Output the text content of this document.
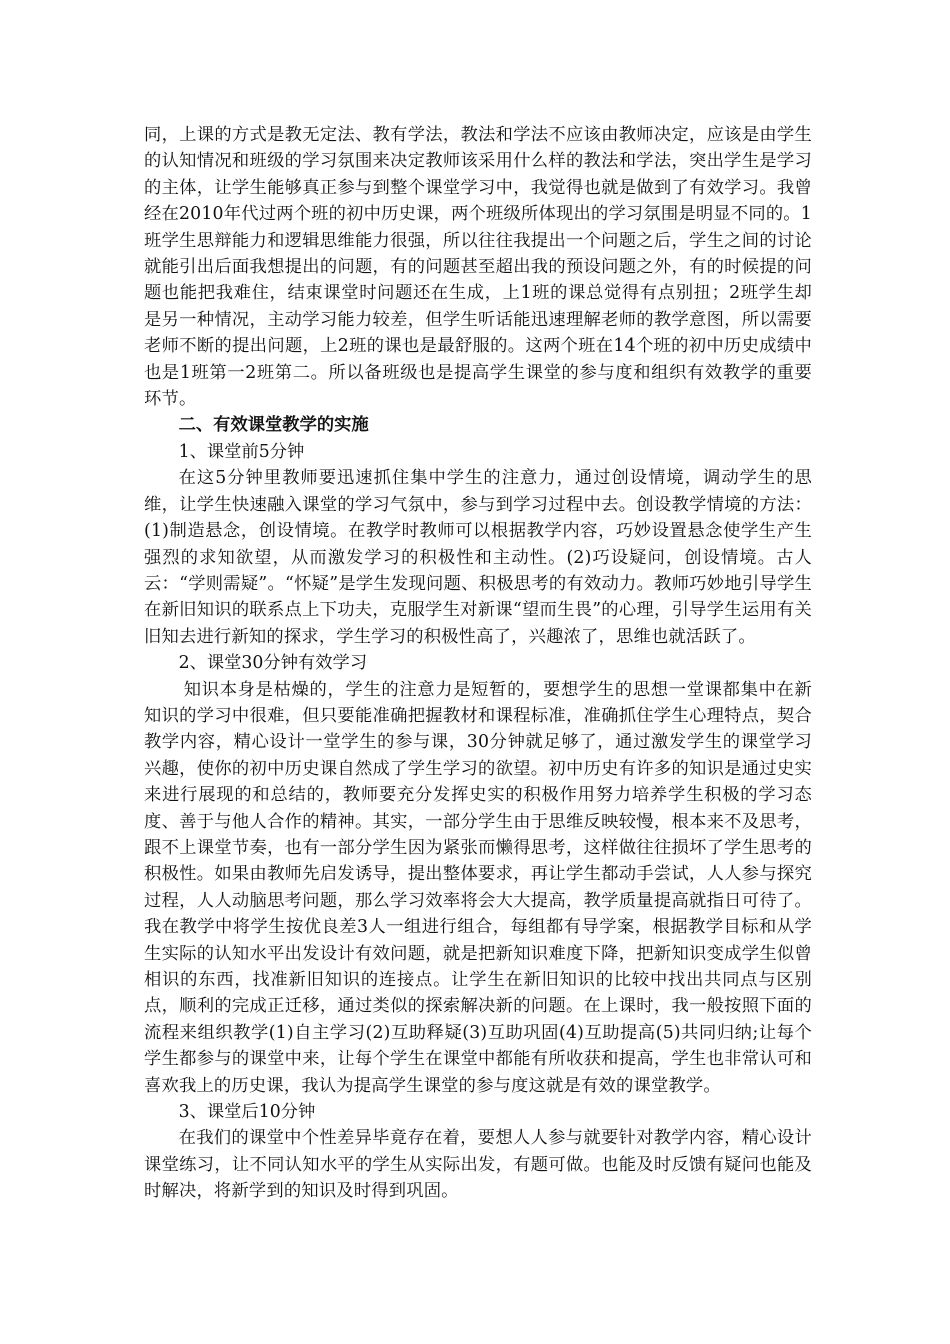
同，上课的方式是教无定法、教有学法，教法和学法不应该由教师决定，应该是由学生的认知情况和班级的学习氛围来决定教师该采用什么样的教法和学法，突出学生是学习的主体，让学生能够真正参与到整个课堂学习中，我觉得也就是做到了有效学习。我曾经在2010年代过两个班的初中历史课，两个班级所体现出的学习氛围是明显不同的。1班学生思辩能力和逻辑思维能力很强，所以往往我提出一个问题之后，学生之间的讨论就能引出后面我想提出的问题，有的问题甚至超出我的预设问题之外，有的时候提的问题也能把我难住，结束课堂时问题还在生成，上1班的课总觉得有点别扭；2班学生却是另一种情况，主动学习能力较差，但学生听话能迅速理解老师的教学意图，所以需要老师不断的提出问题，上2班的课也是最舒服的。这两个班在14个班的初中历史成绩中也是1班第一2班第二。所以备班级也是提高学生课堂的参与度和组织有效教学的重要环节。

二、有效课堂教学的实施

1、课堂前5分钟

在这5分钟里教师要迅速抓住集中学生的注意力，通过创设情境，调动学生的思维，让学生快速融入课堂的学习气氛中，参与到学习过程中去。创设教学情境的方法：(1)制造悬念，创设情境。在教学时教师可以根据教学内容，巧妙设置悬念使学生产生强烈的求知欲望，从而激发学习的积极性和主动性。(2)巧设疑问，创设情境。古人云：“学则需疑”。“怀疑”是学生发现问题、积极思考的有效动力。教师巧妙地引导学生在新旧知识的联系点上下功夫，克服学生对新课“望而生畏”的心理，引导学生运用有关旧知去进行新知的探求，学生学习的积极性高了，兴趣浓了，思维也就活跃了。

2、课堂30分钟有效学习

知识本身是枯燥的，学生的注意力是短暂的，要想学生的思想一堂课都集中在新知识的学习中很难，但只要能准确把握教材和课程标准，准确抓住学生心理特点，契合教学内容，精心设计一堂学生的参与课，30分钟就足够了，通过激发学生的课堂学习兴趣，使你的初中历史课自然成了学生学习的欲望。初中历史有许多的知识是通过史实来进行展现的和总结的，教师要充分发挥史实的积极作用努力培养学生积极的学习态度、善于与他人合作的精神。其实，一部分学生由于思维反映较慢，根本来不及思考，跟不上课堂节奏，也有一部分学生因为紧张而懒得思考，这样做往往损坏了学生思考的积极性。如果由教师先启发诱导，提出整体要求，再让学生都动手尝试，人人参与探究过程，人人动脑思考问题，那么学习效率将会大大提高，教学质量提高就指日可待了。我在教学中将学生按优良差3人一组进行组合，每组都有导学案，根据教学目标和从学生实际的认知水平出发设计有效问题，就是把新知识难度下降，把新知识变成学生似曾相识的东西，找准新旧知识的连接点。让学生在新旧知识的比较中找出共同点与区别点，顺利的完成正迁移，通过类似的探索解决新的问题。在上课时，我一般按照下面的流程来组织教学(1)自主学习(2)互助释疑(3)互助巩固(4)互助提高(5)共同归纳;让每个学生都参与的课堂中来，让每个学生在课堂中都能有所收获和提高，学生也非常认可和喜欢我上的历史课，我认为提高学生课堂的参与度这就是有效的课堂教学。

3、课堂后10分钟

在我们的课堂中个性差异毕竟存在着，要想人人参与就要针对教学内容，精心设计课堂练习，让不同认知水平的学生从实际出发，有题可做。也能及时反馈有疑问也能及时解决，将新学到的知识及时得到巩固。
